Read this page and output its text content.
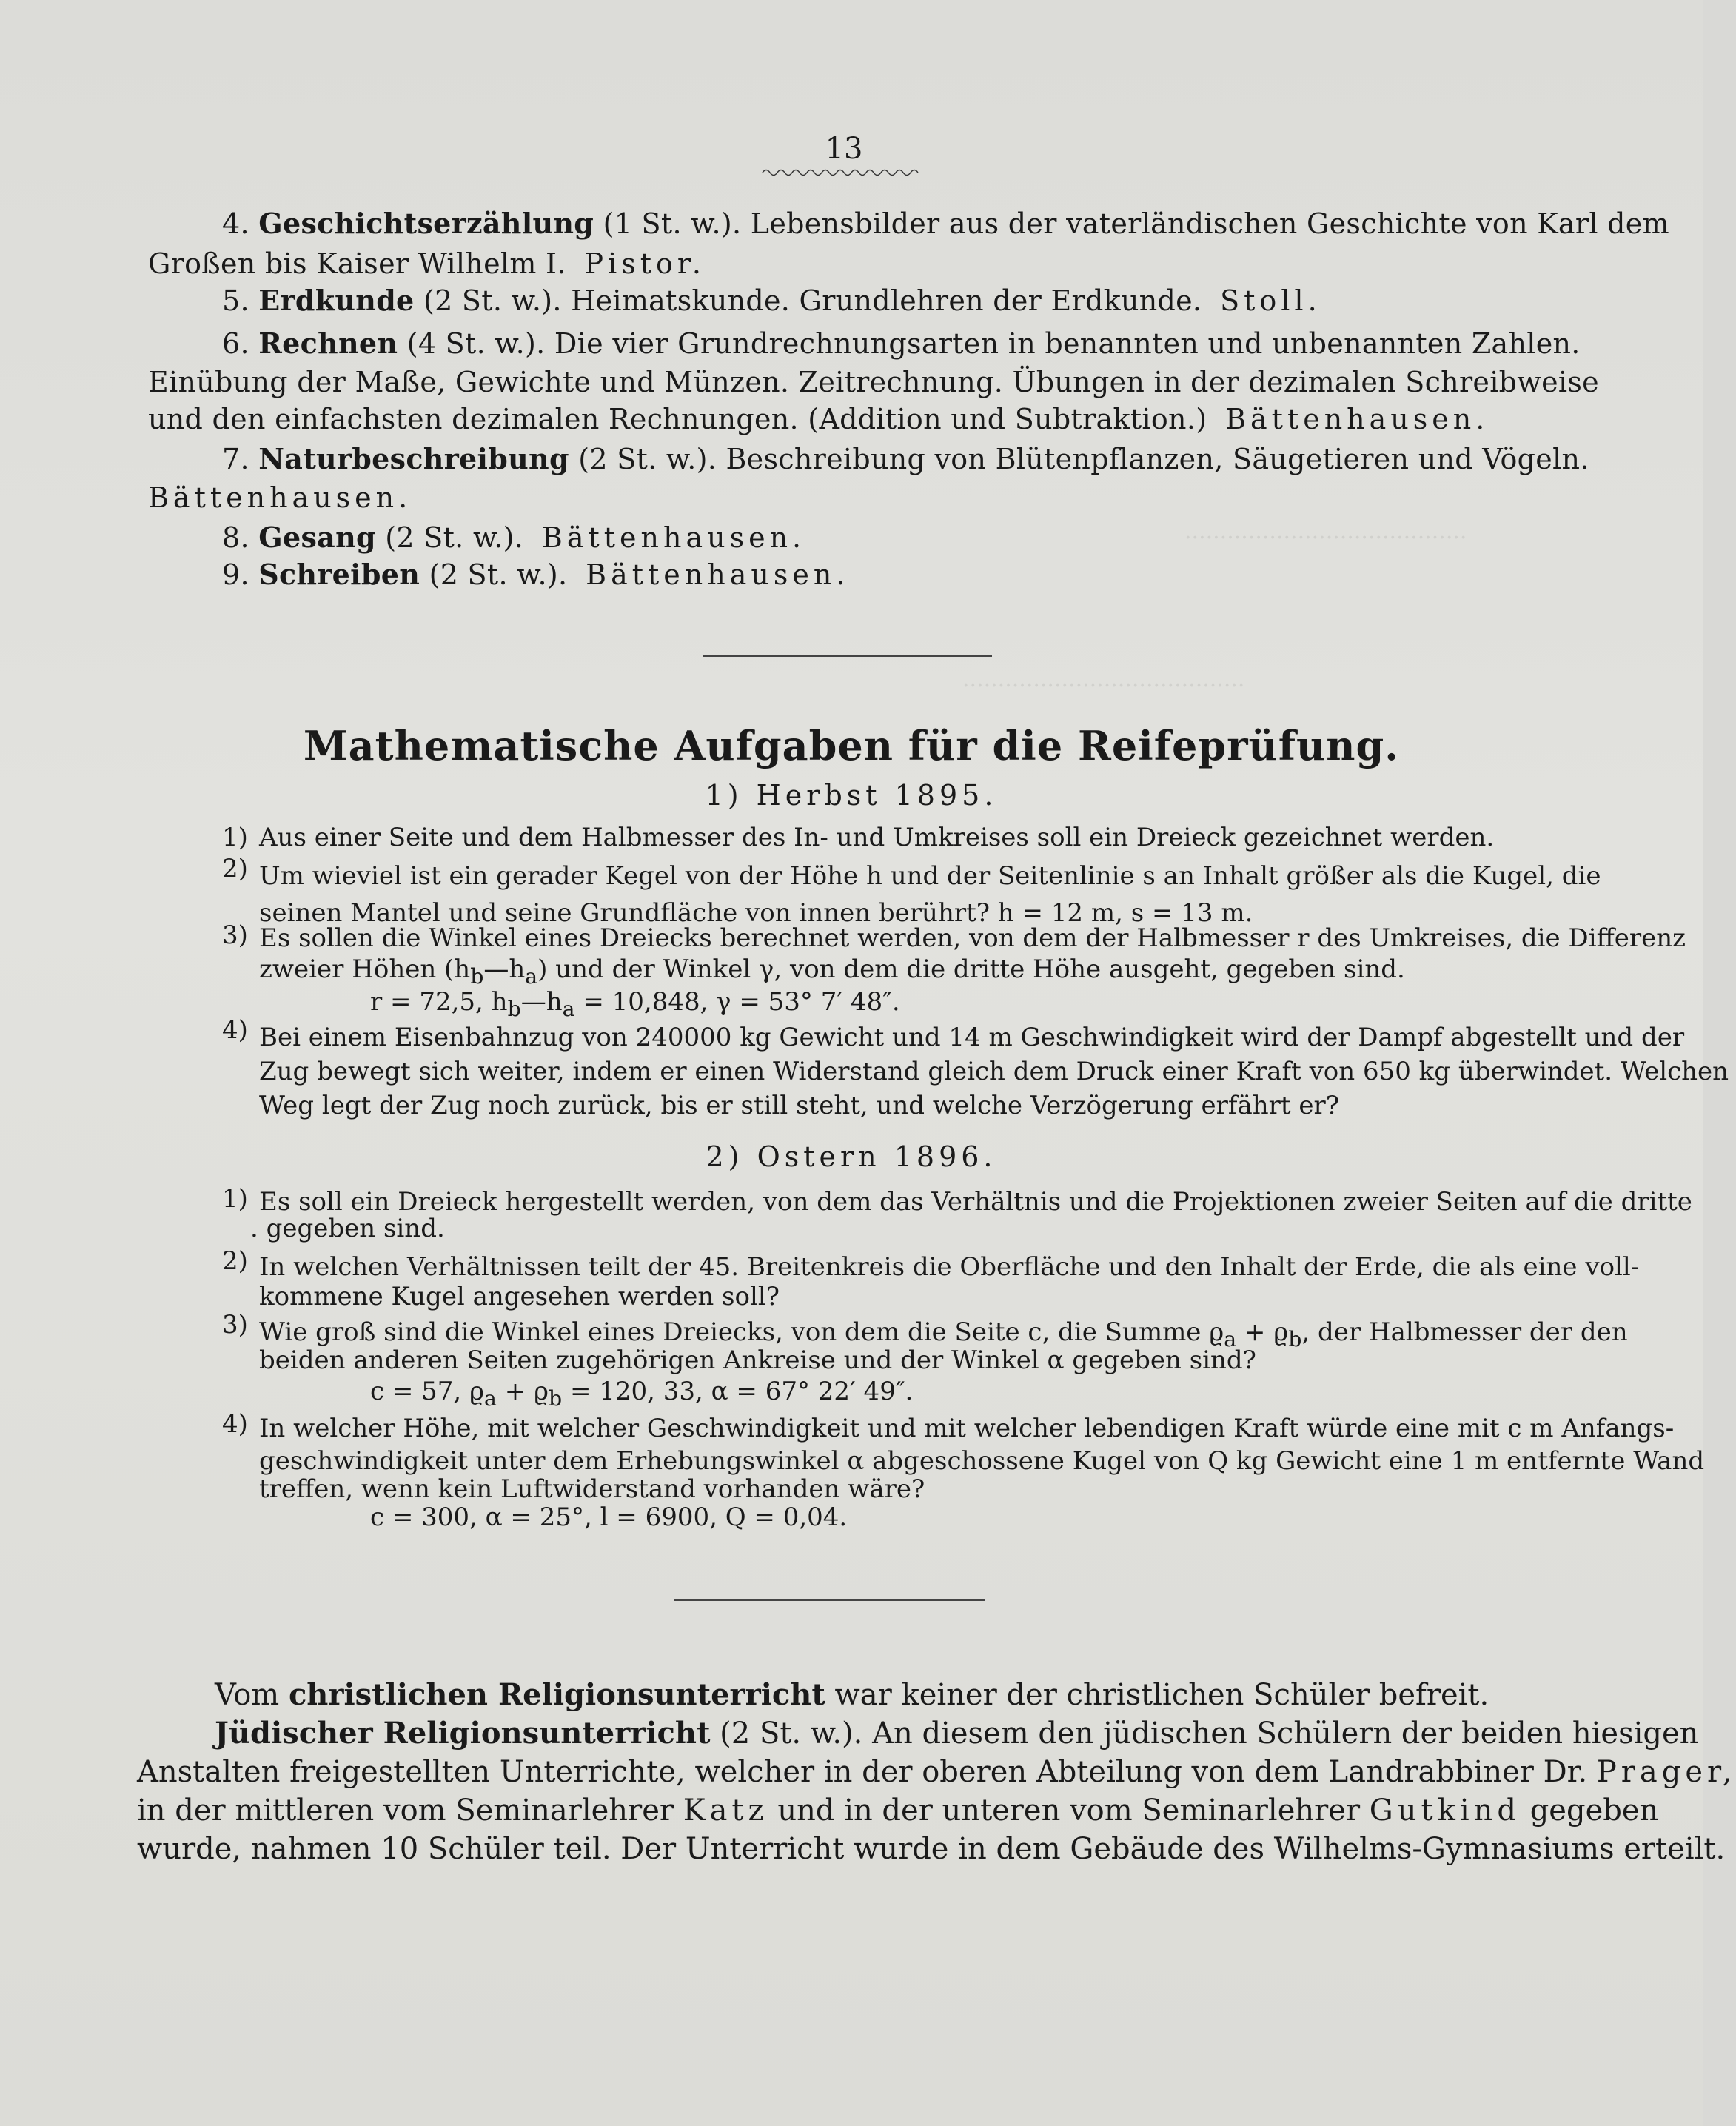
........................................
........................................
13
4. Geschichtserzählung (1 St. w.). Lebensbilder aus der vaterländischen Geschichte von Karl dem
Großen bis Kaiser Wilhelm I. Pistor.
5. Erdkunde (2 St. w.). Heimatskunde. Grundlehren der Erdkunde. Stoll.
6. Rechnen (4 St. w.). Die vier Grundrechnungsarten in benannten und unbenannten Zahlen.
Einübung der Maße, Gewichte und Münzen. Zeitrechnung. Übungen in der dezimalen Schreibweise
und den einfachsten dezimalen Rechnungen. (Addition und Subtraktion.) Bättenhausen.
7. Naturbeschreibung (2 St. w.). Beschreibung von Blütenpflanzen, Säugetieren und Vögeln.
Bättenhausen.
8. Gesang (2 St. w.). Bättenhausen.
9. Schreiben (2 St. w.). Bättenhausen.
Mathematische Aufgaben für die Reifeprüfung.
1) Herbst 1895.
1) Aus einer Seite und dem Halbmesser des In- und Umkreises soll ein Dreieck gezeichnet werden.
2) Um wieviel ist ein gerader Kegel von der Höhe h und der Seitenlinie s an Inhalt größer als die Kugel, die
seinen Mantel und seine Grundfläche von innen berührt? h = 12 m, s = 13 m.
3) Es sollen die Winkel eines Dreiecks berechnet werden, von dem der Halbmesser r des Umkreises, die Differenz
zweier Höhen $(h_b—h_a)$ und der Winkel γ, von dem die dritte Höhe ausgeht, gegeben sind.
r = 72,5, $h_b—h_a = 10,848$, γ = 53° 7′ 48″.
4) Bei einem Eisenbahnzug von 240000 kg Gewicht und 14 m Geschwindigkeit wird der Dampf abgestellt und der
Zug bewegt sich weiter, indem er einen Widerstand gleich dem Druck einer Kraft von 650 kg überwindet. Welchen
Weg legt der Zug noch zurück, bis er still steht, und welche Verzögerung erfährt er?
2) Ostern 1896.
1) Es soll ein Dreieck hergestellt werden, von dem das Verhältnis und die Projektionen zweier Seiten auf die dritte
. gegeben sind.
2) In welchen Verhältnissen teilt der 45. Breitenkreis die Oberfläche und den Inhalt der Erde, die als eine voll-
kommene Kugel angesehen werden soll?
3) Wie groß sind die Winkel eines Dreiecks, von dem die Seite c, die Summe $ϱ_a + ϱ_b$, der Halbmesser der den
beiden anderen Seiten zugehörigen Ankreise und der Winkel α gegeben sind?
c = 57, $ϱ_a + ϱ_b = 120$, 33, α = 67° 22′ 49″.
4) In welcher Höhe, mit welcher Geschwindigkeit und mit welcher lebendigen Kraft würde eine mit c m Anfangs-
geschwindigkeit unter dem Erhebungswinkel α abgeschossene Kugel von Q kg Gewicht eine 1 m entfernte Wand
treffen, wenn kein Luftwiderstand vorhanden wäre?
c = 300, α = 25°, l = 6900, Q = 0,04.
Vom christlichen Religionsunterricht war keiner der christlichen Schüler befreit.
Jüdischer Religionsunterricht (2 St. w.). An diesem den jüdischen Schülern der beiden hiesigen
Anstalten freigestellten Unterrichte, welcher in der oberen Abteilung von dem Landrabbiner Dr. Prager,
in der mittleren vom Seminarlehrer Katz und in der unteren vom Seminarlehrer Gutkind gegeben
wurde, nahmen 10 Schüler teil. Der Unterricht wurde in dem Gebäude des Wilhelms-Gymnasiums erteilt.
